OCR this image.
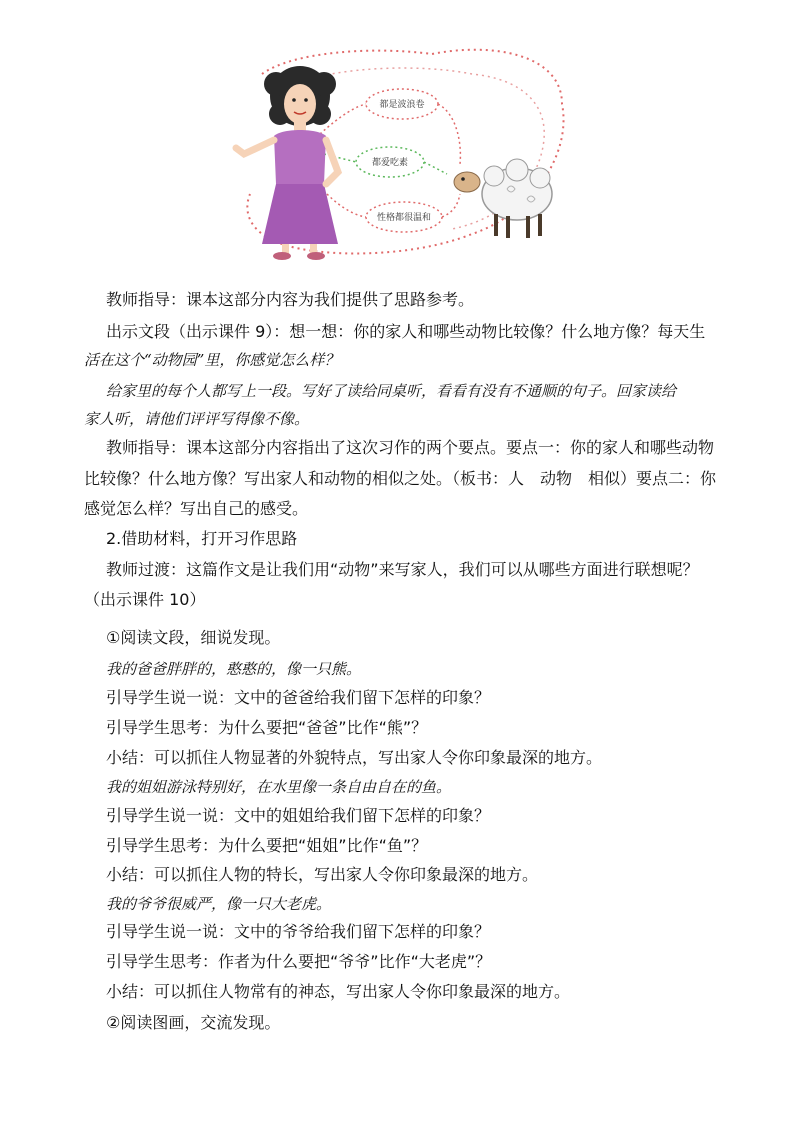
都是波浪卷
都爱吃素
性格都很温和
教师指导：课本这部分内容为我们提供了思路参考。
出示文段（出示课件 9）：想一想：你的家人和哪些动物比较像？什么地方像？每天生
活在这个“动物园”里，你感觉怎么样？
给家里的每个人都写上一段。写好了读给同桌听，看看有没有不通顺的句子。回家读给
家人听，请他们评评写得像不像。
教师指导：课本这部分内容指出了这次习作的两个要点。要点一：你的家人和哪些动物
比较像？什么地方像？写出家人和动物的相似之处。（板书：人　动物　相似）要点二：你
感觉怎么样？写出自己的感受。
2.借助材料，打开习作思路
教师过渡：这篇作文是让我们用“动物”来写家人，我们可以从哪些方面进行联想呢？
（出示课件 10）
①阅读文段，细说发现。
我的爸爸胖胖的，憨憨的，像一只熊。
引导学生说一说：文中的爸爸给我们留下怎样的印象？
引导学生思考：为什么要把“爸爸”比作“熊”？
小结：可以抓住人物显著的外貌特点，写出家人令你印象最深的地方。
我的姐姐游泳特别好，在水里像一条自由自在的鱼。
引导学生说一说：文中的姐姐给我们留下怎样的印象？
引导学生思考：为什么要把“姐姐”比作“鱼”？
小结：可以抓住人物的特长，写出家人令你印象最深的地方。
我的爷爷很威严，像一只大老虎。
引导学生说一说：文中的爷爷给我们留下怎样的印象？
引导学生思考：作者为什么要把“爷爷”比作“大老虎”？
小结：可以抓住人物常有的神态，写出家人令你印象最深的地方。
②阅读图画，交流发现。
